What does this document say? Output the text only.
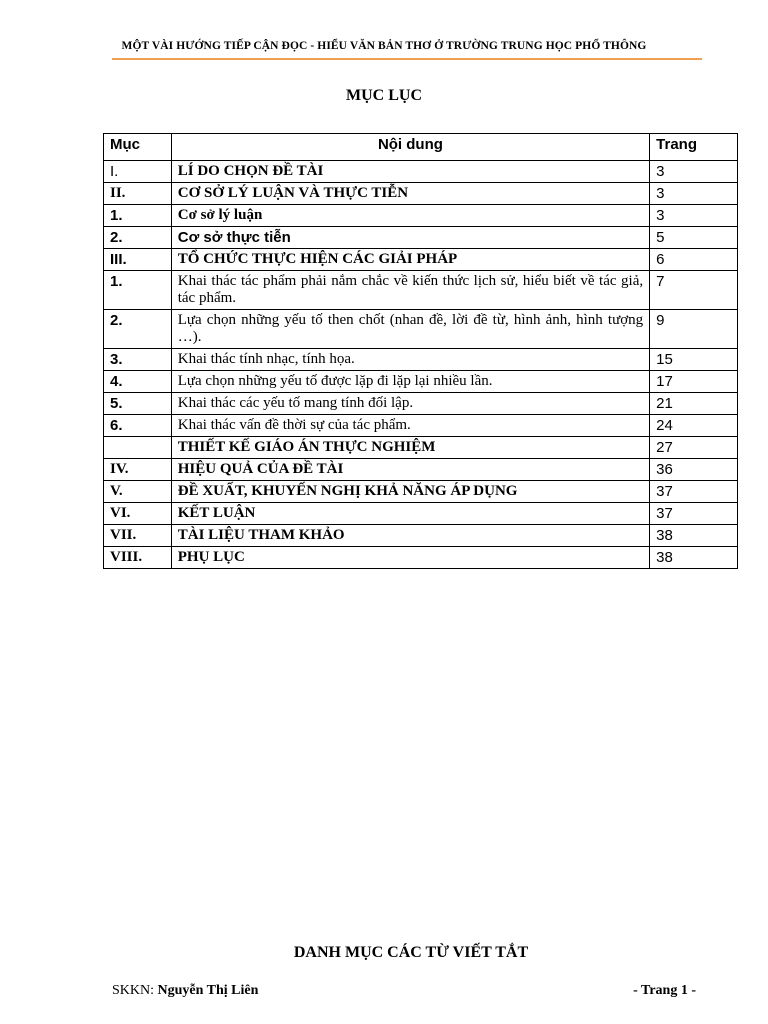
MỘT VÀI HƯỚNG TIẾP CẬN ĐỌC - HIỂU VĂN BẢN THƠ Ở TRƯỜNG TRUNG HỌC PHỔ THÔNG
MỤC LỤC
Mục	Nội dung	Trang
I.	LÍ DO CHỌN ĐỀ TÀI	3
II.	CƠ SỞ LÝ LUẬN VÀ THỰC TIỄN	3
1.	Cơ sở lý luận	3
2.	Cơ sở thực tiễn	5
III.	TỔ CHỨC THỰC HIỆN CÁC GIẢI PHÁP	6
1.	Khai thác tác phẩm phải nắm chắc về kiến thức lịch sử, hiểu biết về tác giả, tác phẩm.	7
2.	Lựa chọn những yếu tố then chốt (nhan đề, lời đề từ, hình ảnh, hình tượng …).	9
3.	Khai thác tính nhạc, tính họa.	15
4.	Lựa chọn những yếu tố được lặp đi lặp lại nhiều lần.	17
5.	Khai thác các yếu tố mang tính đối lập.	21
6.	Khai thác vấn đề thời sự của tác phẩm.	24
	THIẾT KẾ GIÁO ÁN THỰC NGHIỆM	27
IV.	HIỆU QUẢ CỦA ĐỀ TÀI	36
V.	ĐỀ XUẤT, KHUYẾN NGHỊ KHẢ NĂNG ÁP DỤNG	37
VI.	KẾT LUẬN	37
VII.	TÀI LIỆU THAM KHẢO	38
VIII.	PHỤ LỤC	38
DANH MỤC CÁC TỪ VIẾT TẮT
SKKN: Nguyễn Thị Liên	- Trang 1 -
